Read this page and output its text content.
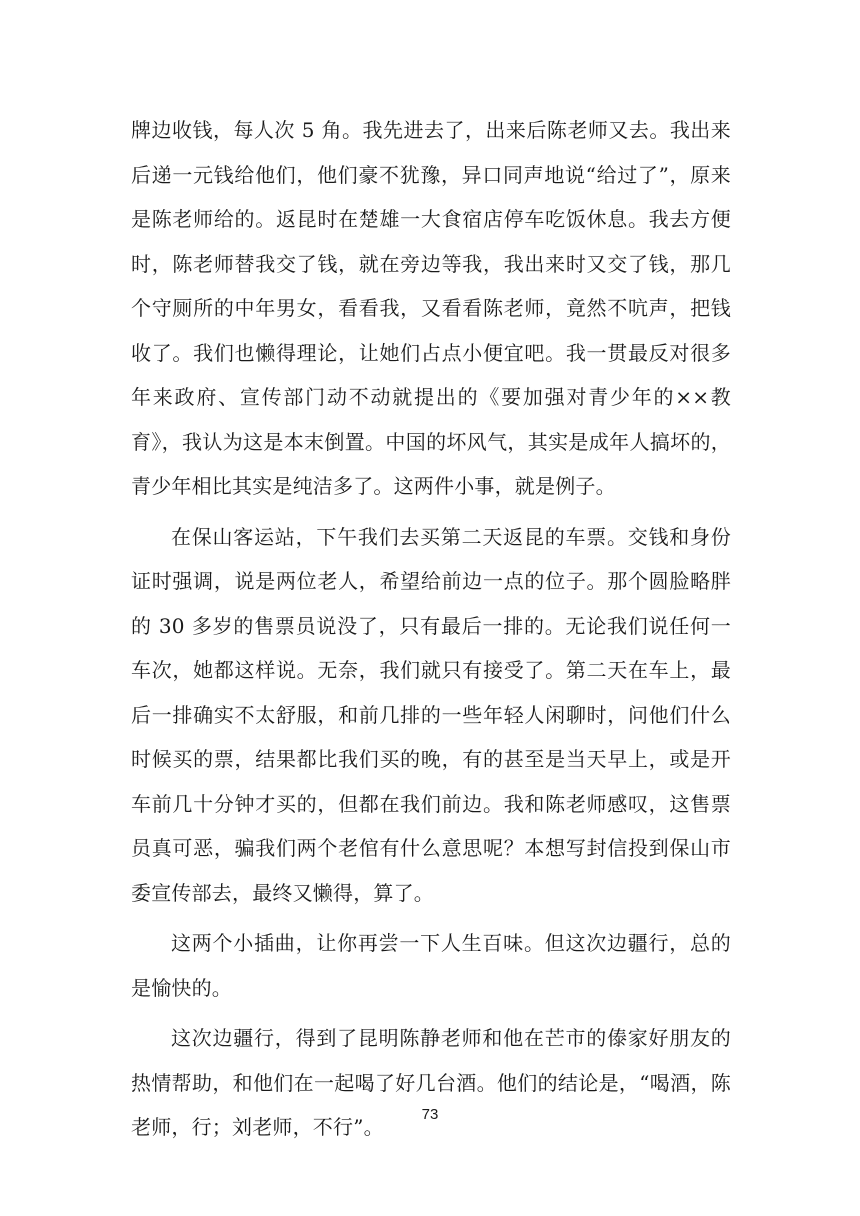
牌边收钱，每人次 5 角。我先进去了，出来后陈老师又去。我出来后递一元钱给他们，他们豪不犹豫，异口同声地说“给过了”，原来是陈老师给的。返昆时在楚雄一大食宿店停车吃饭休息。我去方便时，陈老师替我交了钱，就在旁边等我，我出来时又交了钱，那几个守厕所的中年男女，看看我，又看看陈老师，竟然不吭声，把钱收了。我们也懒得理论，让她们占点小便宜吧。我一贯最反对很多年来政府、宣传部门动不动就提出的《要加强对青少年的××教育》，我认为这是本末倒置。中国的坏风气，其实是成年人搞坏的，青少年相比其实是纯洁多了。这两件小事，就是例子。

在保山客运站，下午我们去买第二天返昆的车票。交钱和身份证时强调，说是两位老人，希望给前边一点的位子。那个圆脸略胖的 30 多岁的售票员说没了，只有最后一排的。无论我们说任何一车次，她都这样说。无奈，我们就只有接受了。第二天在车上，最后一排确实不太舒服，和前几排的一些年轻人闲聊时，问他们什么时候买的票，结果都比我们买的晚，有的甚至是当天早上，或是开车前几十分钟才买的，但都在我们前边。我和陈老师感叹，这售票员真可恶，骗我们两个老倌有什么意思呢？本想写封信投到保山市委宣传部去，最终又懒得，算了。

这两个小插曲，让你再尝一下人生百味。但这次边疆行，总的是愉快的。

这次边疆行，得到了昆明陈静老师和他在芒市的傣家好朋友的热情帮助，和他们在一起喝了好几台酒。他们的结论是，“喝酒，陈老师，行；刘老师，不行”。

73
